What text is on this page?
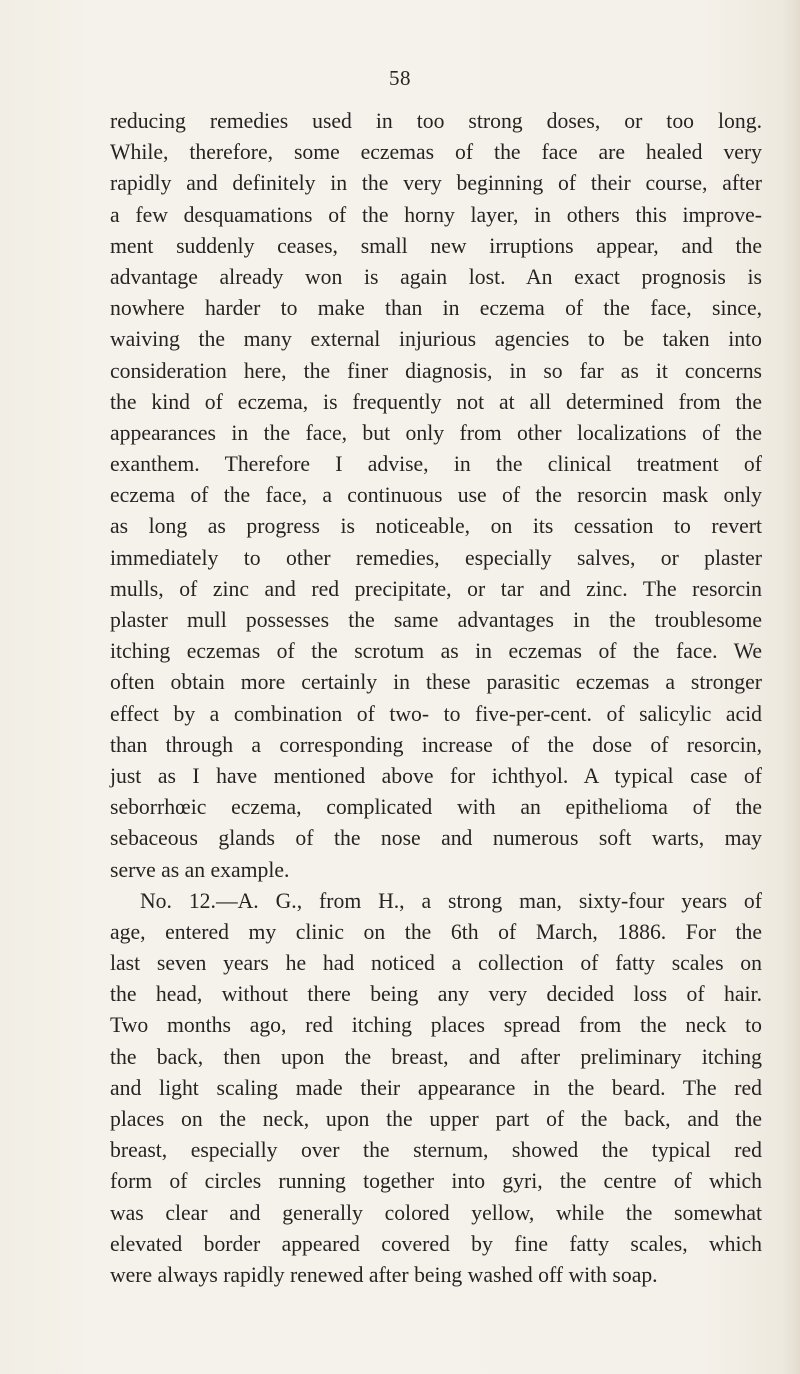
58
reducing remedies used in too strong doses, or too long.
While, therefore, some eczemas of the face are healed very
rapidly and definitely in the very beginning of their course, after
a few desquamations of the horny layer, in others this improve-
ment suddenly ceases, small new irruptions appear, and the
advantage already won is again lost. An exact prognosis is
nowhere harder to make than in eczema of the face, since,
waiving the many external injurious agencies to be taken into
consideration here, the finer diagnosis, in so far as it concerns
the kind of eczema, is frequently not at all determined from the
appearances in the face, but only from other localizations of the
exanthem. Therefore I advise, in the clinical treatment of
eczema of the face, a continuous use of the resorcin mask only
as long as progress is noticeable, on its cessation to revert
immediately to other remedies, especially salves, or plaster
mulls, of zinc and red precipitate, or tar and zinc. The resorcin
plaster mull possesses the same advantages in the troublesome
itching eczemas of the scrotum as in eczemas of the face. We
often obtain more certainly in these parasitic eczemas a stronger
effect by a combination of two- to five-per-cent. of salicylic acid
than through a corresponding increase of the dose of resorcin,
just as I have mentioned above for ichthyol. A typical case of
seborrhœic eczema, complicated with an epithelioma of the
sebaceous glands of the nose and numerous soft warts, may
serve as an example.
No. 12.—A. G., from H., a strong man, sixty-four years of
age, entered my clinic on the 6th of March, 1886. For the
last seven years he had noticed a collection of fatty scales on
the head, without there being any very decided loss of hair.
Two months ago, red itching places spread from the neck to
the back, then upon the breast, and after preliminary itching
and light scaling made their appearance in the beard. The red
places on the neck, upon the upper part of the back, and the
breast, especially over the sternum, showed the typical red
form of circles running together into gyri, the centre of which
was clear and generally colored yellow, while the somewhat
elevated border appeared covered by fine fatty scales, which
were always rapidly renewed after being washed off with soap.
